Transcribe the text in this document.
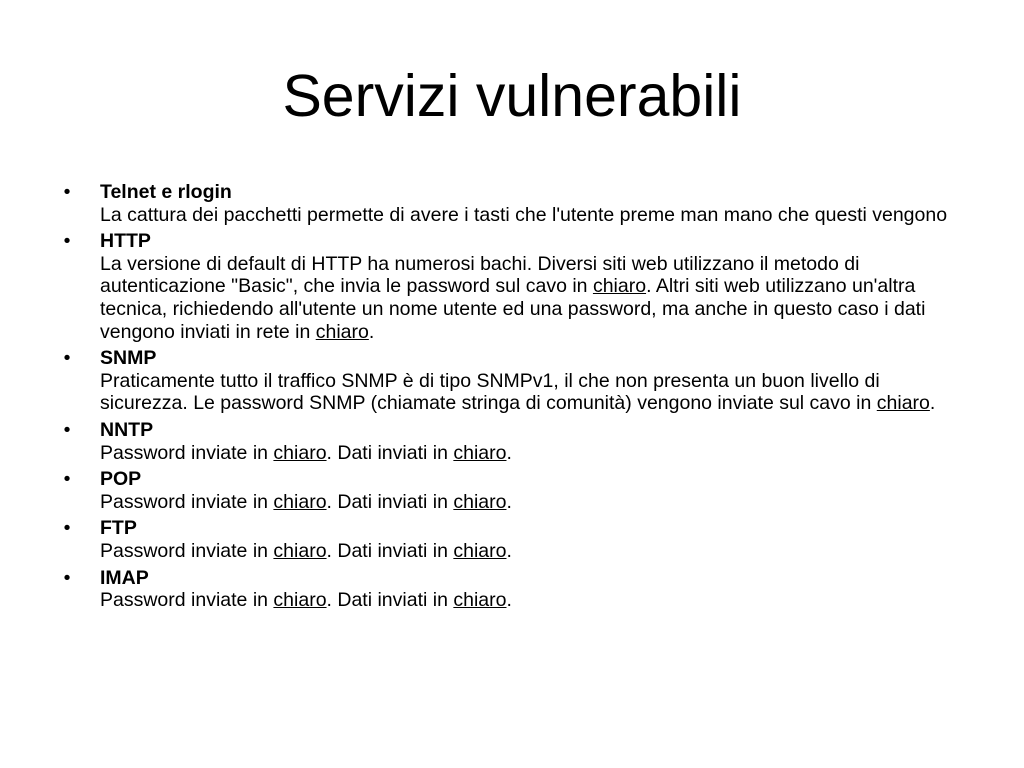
Servizi vulnerabili
• Telnet e rlogin
La cattura dei pacchetti permette di avere i tasti che l'utente preme man mano che questi vengono
• HTTP
La versione di default di HTTP ha numerosi bachi. Diversi siti web utilizzano il metodo di autenticazione "Basic", che invia le password sul cavo in chiaro. Altri siti web utilizzano un'altra tecnica, richiedendo all'utente un nome utente ed una password, ma anche in questo caso i dati vengono inviati in rete in chiaro.
• SNMP
Praticamente tutto il traffico SNMP è di tipo SNMPv1, il che non presenta un buon livello di sicurezza. Le password SNMP (chiamate stringa di comunità) vengono inviate sul cavo in chiaro.
• NNTP
Password inviate in chiaro. Dati inviati in chiaro.
• POP
Password inviate in chiaro. Dati inviati in chiaro.
• FTP
Password inviate in chiaro. Dati inviati in chiaro.
• IMAP
Password inviate in chiaro. Dati inviati in chiaro.
